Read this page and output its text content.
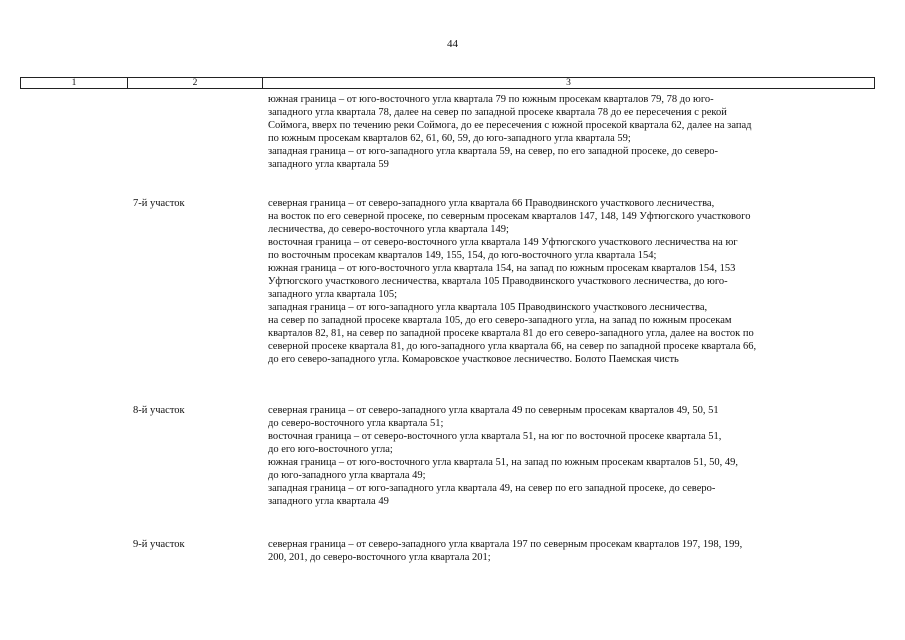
44
1	2	3
южная граница – от юго-восточного угла квартала 79 по южным просекам кварталов 79, 78 до юго-
западного угла квартала 78, далее на север по западной просеке квартала 78 до ее пересечения с рекой
Соймога, вверх по течению реки Соймога, до ее пересечения с южной просекой квартала 62, далее на запад
по южным просекам кварталов 62, 61, 60, 59, до юго-западного угла квартала 59;
западная граница – от юго-западного угла квартала 59, на север, по его западной просеке, до северо-
западного угла квартала 59
7-й участок	северная граница – от северо-западного угла квартала 66 Праводвинского участкового лесничества,
на восток по его северной просеке, по северным просекам кварталов 147, 148, 149 Уфтюгского участкового
лесничества, до северо-восточного угла квартала 149;
восточная граница – от северо-восточного угла квартала 149 Уфтюгского участкового лесничества на юг
по восточным просекам кварталов 149, 155, 154, до юго-восточного угла квартала 154;
южная граница – от юго-восточного угла квартала 154, на запад по южным просекам кварталов 154, 153
Уфтюгского участкового лесничества, квартала 105 Праводвинского участкового лесничества, до юго-
западного угла квартала 105;
западная граница – от юго-западного угла квартала 105 Праводвинского участкового лесничества,
на север по западной просеке квартала 105, до его северо-западного угла, на запад по южным просекам
кварталов 82, 81, на север по западной просеке квартала 81 до его северо-западного угла, далее на восток по
северной просеке квартала 81, до юго-западного угла квартала 66, на север по западной просеке квартала 66,
до его северо-западного угла. Комаровское участковое лесничество. Болото Паемская чисть
8-й участок	северная граница – от северо-западного угла квартала 49 по северным просекам кварталов 49, 50, 51
до северо-восточного угла квартала 51;
восточная граница – от северо-восточного угла квартала 51, на юг по восточной просеке квартала 51,
до его юго-восточного угла;
южная граница – от юго-восточного угла квартала 51, на запад по южным просекам кварталов 51, 50, 49,
до юго-западного угла квартала 49;
западная граница – от юго-западного угла квартала 49, на север по его западной просеке, до северо-
западного угла квартала 49
9-й участок	северная граница – от северо-западного угла квартала 197 по северным просекам кварталов 197, 198, 199,
200, 201, до северо-восточного угла квартала 201;
